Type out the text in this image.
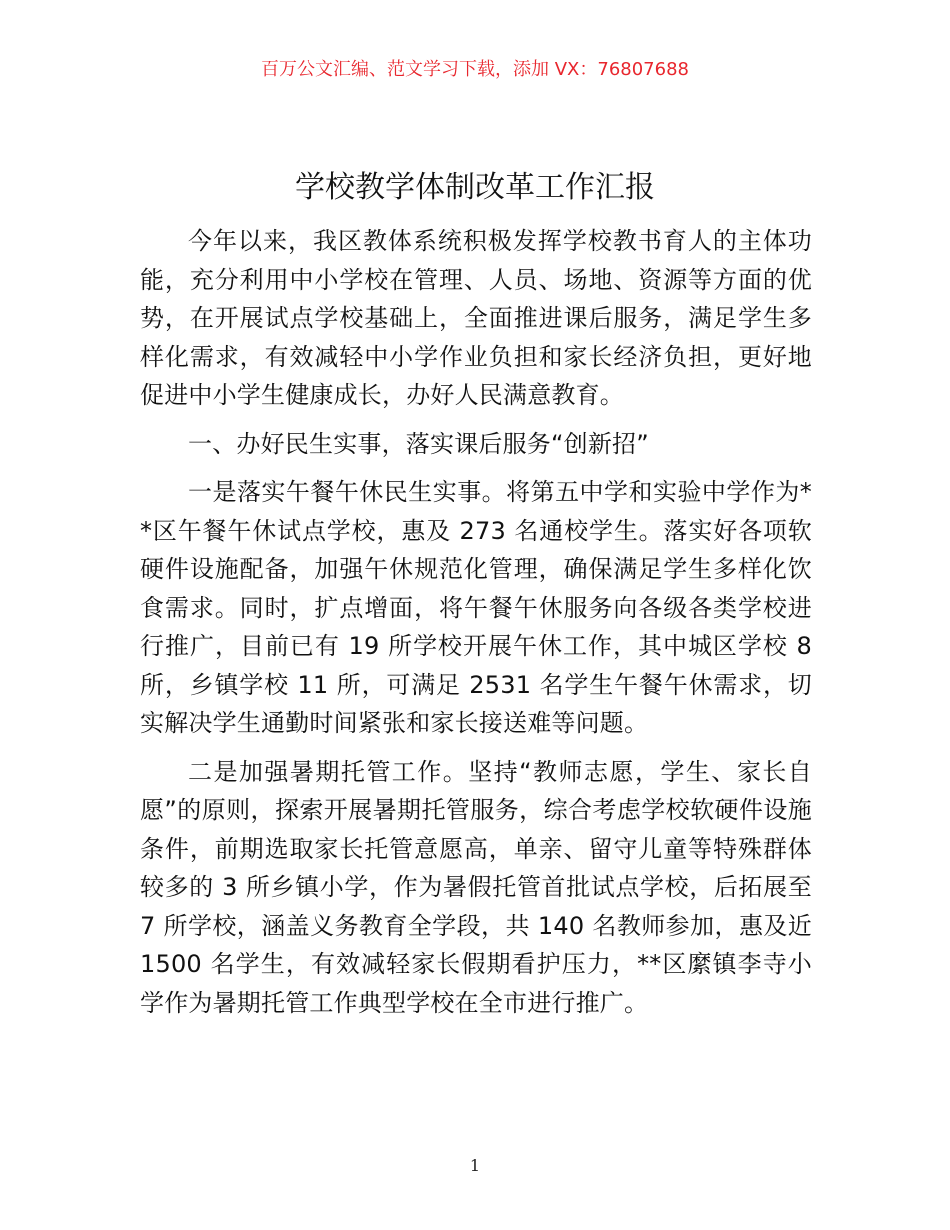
百万公文汇编、范文学习下载，添加 VX：76807688
学校教学体制改革工作汇报

今年以来，我区教体系统积极发挥学校教书育人的主体功能，充分利用中小学校在管理、人员、场地、资源等方面的优势，在开展试点学校基础上，全面推进课后服务，满足学生多样化需求，有效减轻中小学作业负担和家长经济负担，更好地促进中小学生健康成长，办好人民满意教育。

一、办好民生实事，落实课后服务“创新招”

一是落实午餐午休民生实事。将第五中学和实验中学作为**区午餐午休试点学校，惠及 273 名通校学生。落实好各项软硬件设施配备，加强午休规范化管理，确保满足学生多样化饮食需求。同时，扩点增面，将午餐午休服务向各级各类学校进行推广，目前已有 19 所学校开展午休工作，其中城区学校 8 所，乡镇学校 11 所，可满足 2531 名学生午餐午休需求，切实解决学生通勤时间紧张和家长接送难等问题。

二是加强暑期托管工作。坚持“教师志愿，学生、家长自愿”的原则，探索开展暑期托管服务，综合考虑学校软硬件设施条件，前期选取家长托管意愿高，单亲、留守儿童等特殊群体较多的 3 所乡镇小学，作为暑假托管首批试点学校，后拓展至 7 所学校，涵盖义务教育全学段，共 140 名教师参加，惠及近 1500 名学生，有效减轻家长假期看护压力，**区縻镇李寺小学作为暑期托管工作典型学校在全市进行推广。

1
